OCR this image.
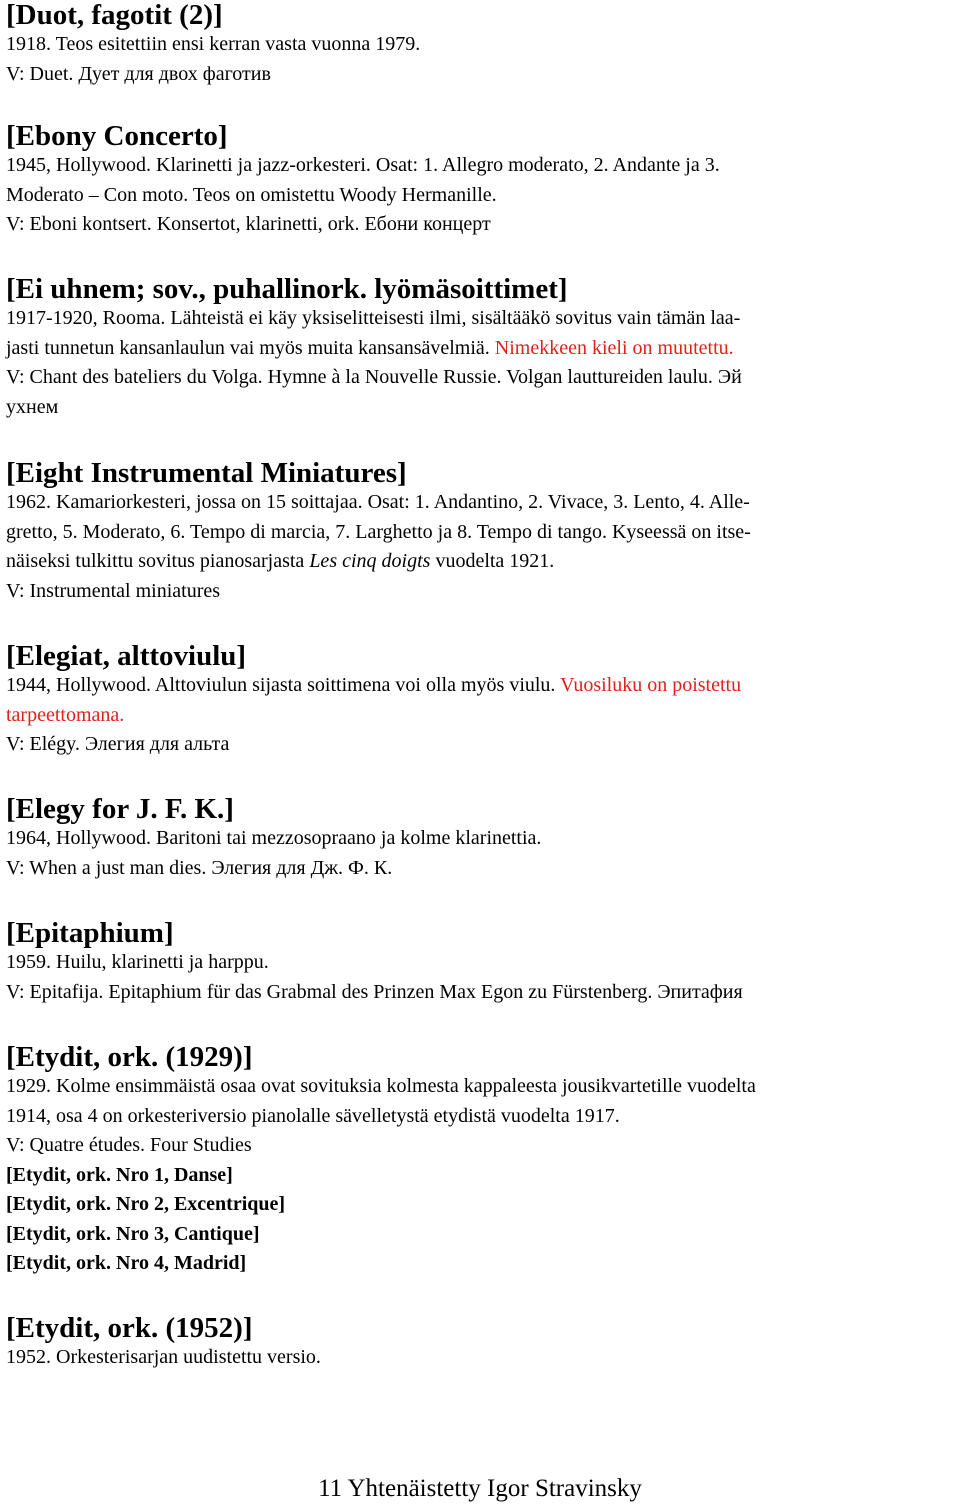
[Duot, fagotit (2)]

1918. Teos esitettiin ensi kerran vasta vuonna 1979.

V: Duet. Дует для двох фаготив

[Ebony Concerto]

1945, Hollywood. Klarinetti ja jazz-orkesteri. Osat: 1. Allegro moderato, 2. Andante ja 3.

Moderato – Con moto. Teos on omistettu Woody Hermanille.

V: Eboni kontsert. Konsertot, klarinetti, ork. Ебони концерт

[Ei uhnem; sov., puhallinork. lyömäsoittimet]

1917-1920, Rooma. Lähteistä ei käy yksiselitteisesti ilmi, sisältääkö sovitus vain tämän laa-

jasti tunnetun kansanlaulun vai myös muita kansansävelmiä. Nimekkeen kieli on muutettu.

V: Chant des bateliers du Volga. Hymne à la Nouvelle Russie. Volgan lauttureiden laulu. Эй

ухнем

[Eight Instrumental Miniatures]

1962. Kamariorkesteri, jossa on 15 soittajaa. Osat: 1. Andantino, 2. Vivace, 3. Lento, 4. Alle-

gretto, 5. Moderato, 6. Tempo di marcia, 7. Larghetto ja 8. Tempo di tango. Kyseessä on itse-

näiseksi tulkittu sovitus pianosarjasta Les cinq doigts vuodelta 1921.

V: Instrumental miniatures

[Elegiat, alttoviulu]

1944, Hollywood. Alttoviulun sijasta soittimena voi olla myös viulu. Vuosiluku on poistettu

tarpeettomana.

V: Elégy. Элегия для альта

[Elegy for J. F. K.]

1964, Hollywood. Baritoni tai mezzosopraano ja kolme klarinettia.

V: When a just man dies. Элегия для Дж. Ф. К.

[Epitaphium]

1959. Huilu, klarinetti ja harppu.

V: Epitafija. Epitaphium für das Grabmal des Prinzen Max Egon zu Fürstenberg. Эпитафия

[Etydit, ork. (1929)]

1929. Kolme ensimmäistä osaa ovat sovituksia kolmesta kappaleesta jousikvartetille vuodelta

1914, osa 4 on orkesteriversio pianolalle sävelletystä etydistä vuodelta 1917.

V: Quatre études. Four Studies

[Etydit, ork. Nro 1, Danse]

[Etydit, ork. Nro 2, Excentrique]

[Etydit, ork. Nro 3, Cantique]

[Etydit, ork. Nro 4, Madrid]

[Etydit, ork. (1952)]

1952. Orkesterisarjan uudistettu versio.

11 Yhtenäistetty Igor Stravinsky
